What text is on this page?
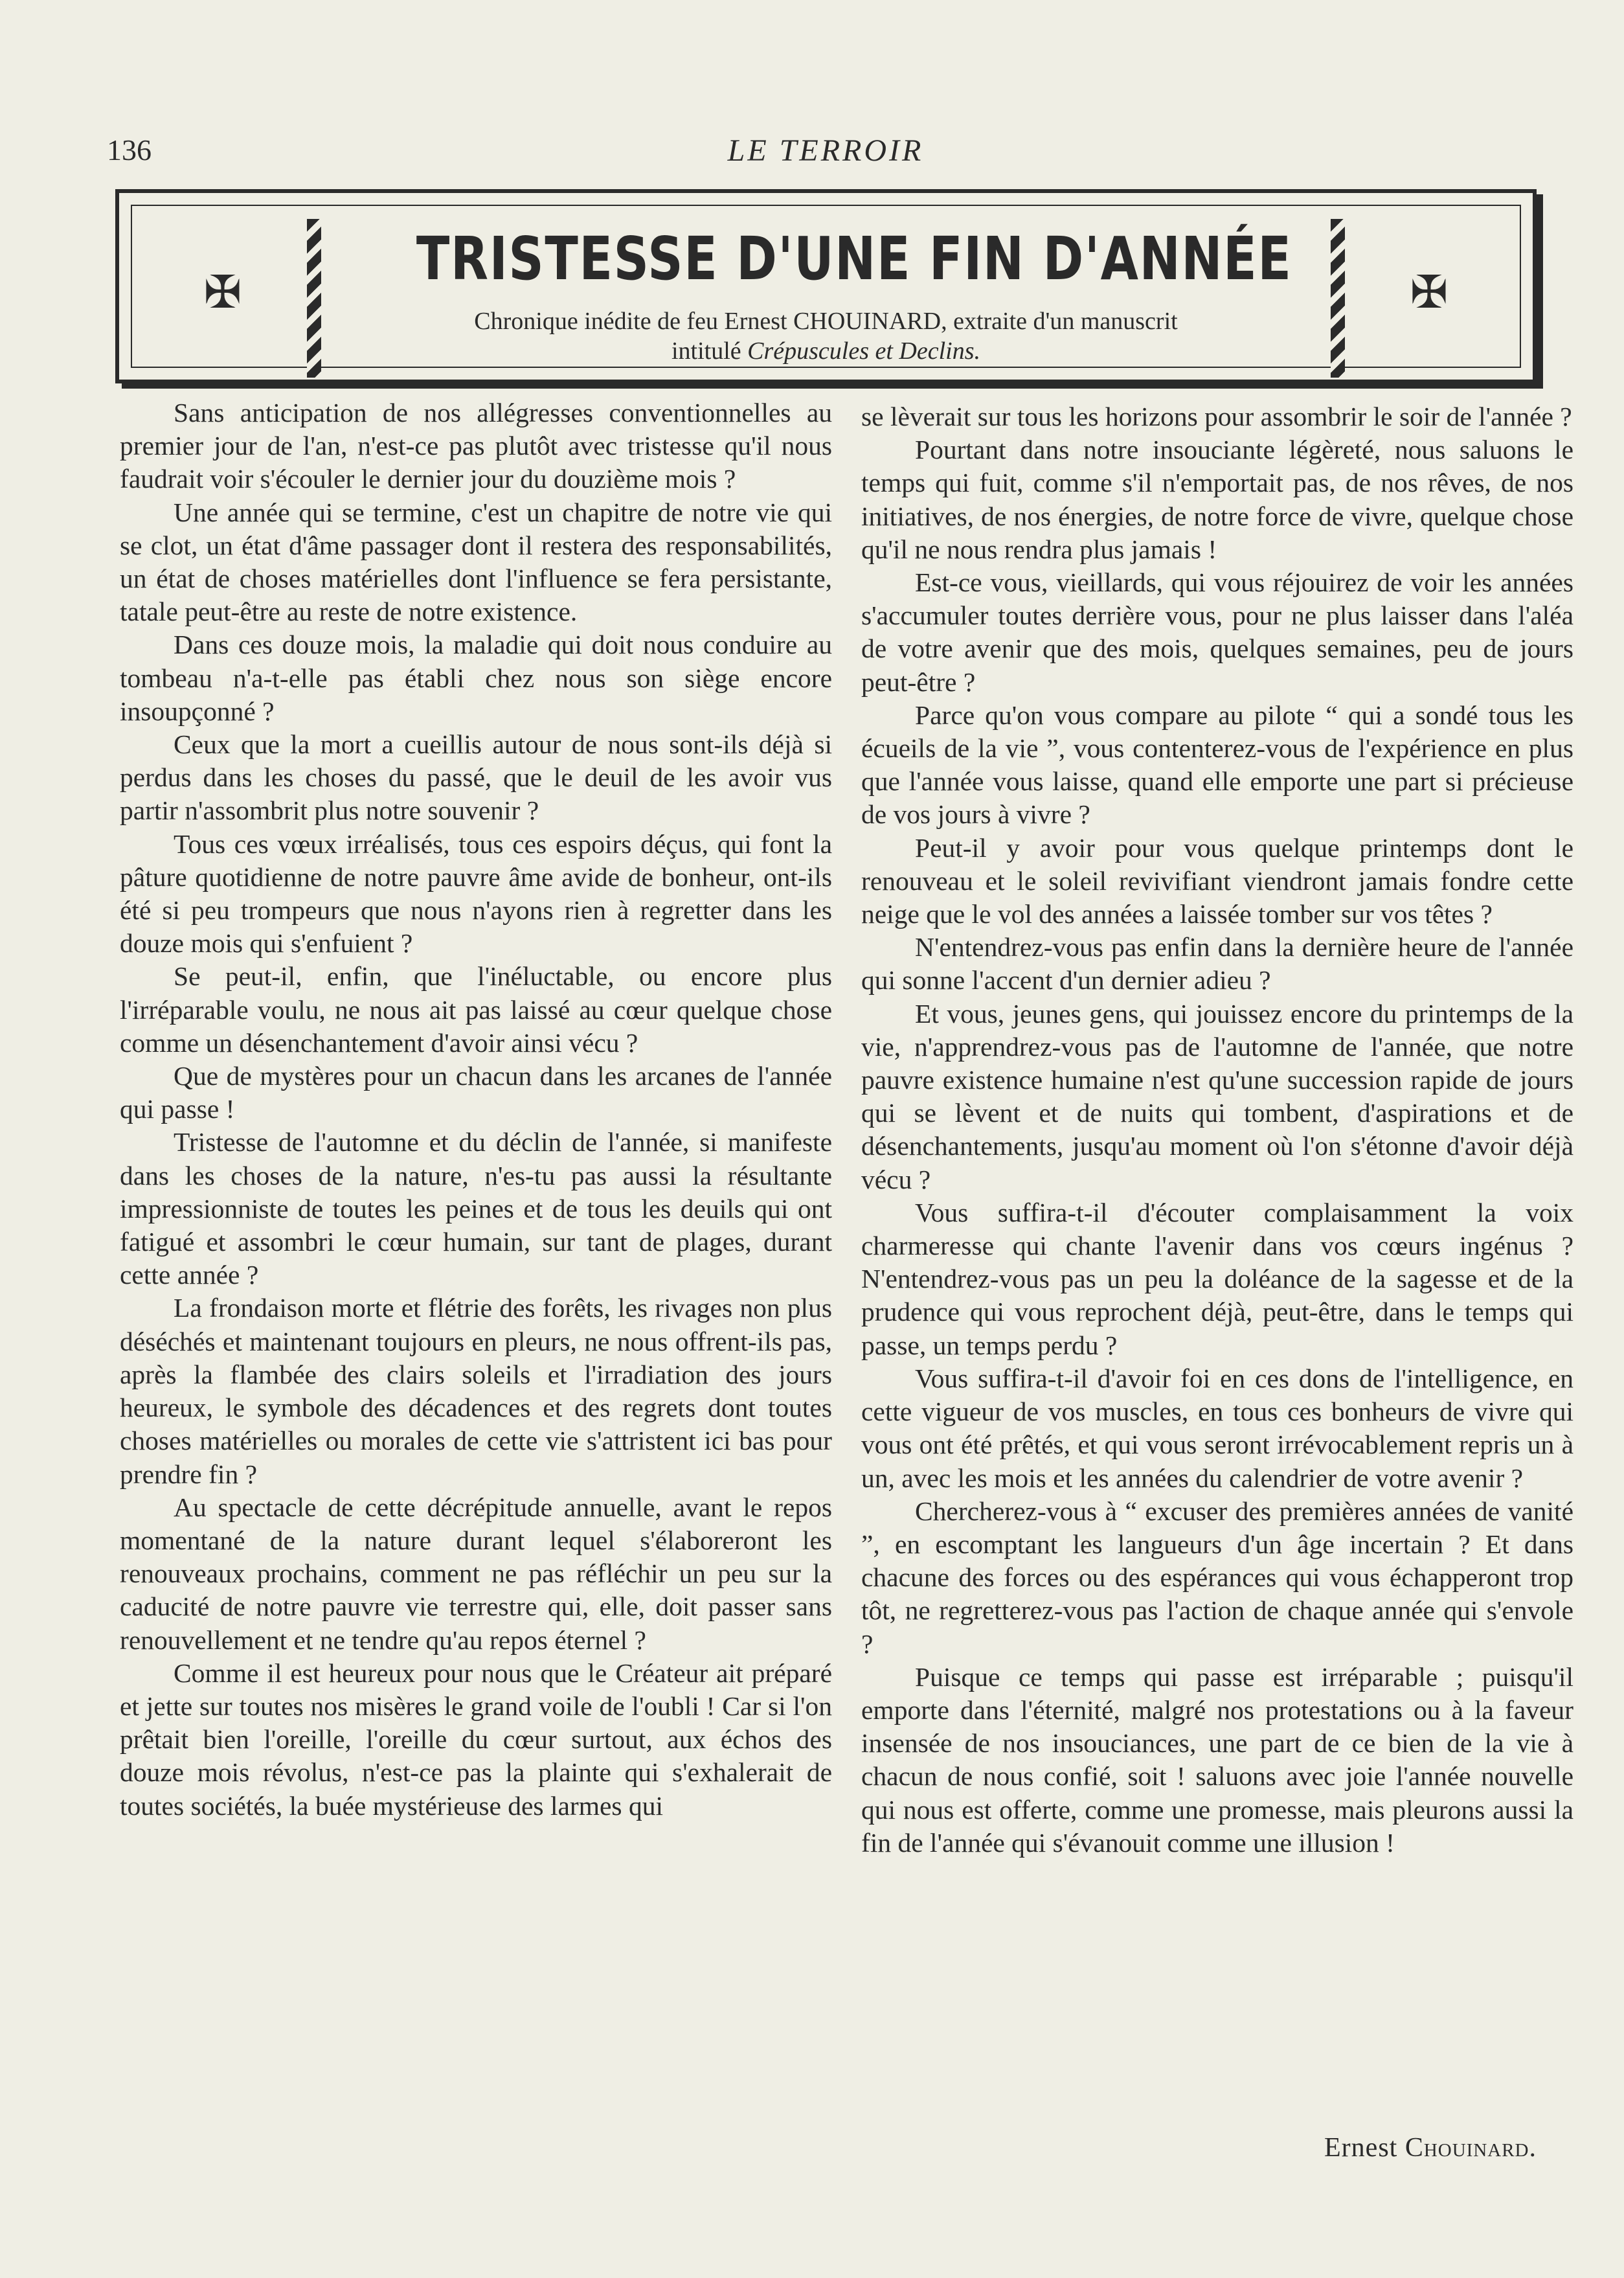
136	LE TERROIR
✠	TRISTESSE D'UNE FIN D'ANNÉE
Chronique inédite de feu Ernest CHOUINARD, extraite d'un manuscrit
intitulé Crépuscules et Declins.
✠

Sans anticipation de nos allégresses conventionnelles au premier jour de l'an, n'est-ce pas plutôt avec tristesse qu'il nous faudrait voir s'écouler le dernier jour du douzième mois ?

Une année qui se termine, c'est un chapitre de notre vie qui se clot, un état d'âme passager dont il restera des responsabilités, un état de choses matérielles dont l'influence se fera persistante, tatale peut-être au reste de notre existence.

Dans ces douze mois, la maladie qui doit nous conduire au tombeau n'a-t-elle pas établi chez nous son siège encore insoupçonné ?

Ceux que la mort a cueillis autour de nous sont-ils déjà si perdus dans les choses du passé, que le deuil de les avoir vus partir n'assombrit plus notre souvenir ?

Tous ces vœux irréalisés, tous ces espoirs déçus, qui font la pâture quotidienne de notre pauvre âme avide de bonheur, ont-ils été si peu trompeurs que nous n'ayons rien à regretter dans les douze mois qui s'enfuient ?

Se peut-il, enfin, que l'inéluctable, ou encore plus l'irréparable voulu, ne nous ait pas laissé au cœur quelque chose comme un désenchantement d'avoir ainsi vécu ?

Que de mystères pour un chacun dans les arcanes de l'année qui passe !

Tristesse de l'automne et du déclin de l'année, si manifeste dans les choses de la nature, n'es-tu pas aussi la résultante impressionniste de toutes les peines et de tous les deuils qui ont fatigué et assombri le cœur humain, sur tant de plages, durant cette année ?

La frondaison morte et flétrie des forêts, les rivages non plus déséchés et maintenant toujours en pleurs, ne nous offrent-ils pas, après la flambée des clairs soleils et l'irradiation des jours heureux, le symbole des décadences et des regrets dont toutes choses matérielles ou morales de cette vie s'attristent ici bas pour prendre fin ?

Au spectacle de cette décrépitude annuelle, avant le repos momentané de la nature durant lequel s'élaboreront les renouveaux prochains, comment ne pas réfléchir un peu sur la caducité de notre pauvre vie terrestre qui, elle, doit passer sans renouvellement et ne tendre qu'au repos éternel ?

Comme il est heureux pour nous que le Créateur ait préparé et jette sur toutes nos misères le grand voile de l'oubli ! Car si l'on prêtait bien l'oreille, l'oreille du cœur surtout, aux échos des douze mois révolus, n'est-ce pas la plainte qui s'exhalerait de toutes sociétés, la buée mystérieuse des larmes qui

se lèverait sur tous les horizons pour assombrir le soir de l'année ?

Pourtant dans notre insouciante légèreté, nous saluons le temps qui fuit, comme s'il n'emportait pas, de nos rêves, de nos initiatives, de nos énergies, de notre force de vivre, quelque chose qu'il ne nous rendra plus jamais !

Est-ce vous, vieillards, qui vous réjouirez de voir les années s'accumuler toutes derrière vous, pour ne plus laisser dans l'aléa de votre avenir que des mois, quelques semaines, peu de jours peut-être ?

Parce qu'on vous compare au pilote “ qui a sondé tous les écueils de la vie ”, vous contenterez-vous de l'expérience en plus que l'année vous laisse, quand elle emporte une part si précieuse de vos jours à vivre ?

Peut-il y avoir pour vous quelque printemps dont le renouveau et le soleil revivifiant viendront jamais fondre cette neige que le vol des années a laissée tomber sur vos têtes ?

N'entendrez-vous pas enfin dans la dernière heure de l'année qui sonne l'accent d'un dernier adieu ?

Et vous, jeunes gens, qui jouissez encore du printemps de la vie, n'apprendrez-vous pas de l'automne de l'année, que notre pauvre existence humaine n'est qu'une succession rapide de jours qui se lèvent et de nuits qui tombent, d'aspirations et de désenchantements, jusqu'au moment où l'on s'étonne d'avoir déjà vécu ?

Vous suffira-t-il d'écouter complaisamment la voix charmeresse qui chante l'avenir dans vos cœurs ingénus ? N'entendrez-vous pas un peu la doléance de la sagesse et de la prudence qui vous reprochent déjà, peut-être, dans le temps qui passe, un temps perdu ?

Vous suffira-t-il d'avoir foi en ces dons de l'intelligence, en cette vigueur de vos muscles, en tous ces bonheurs de vivre qui vous ont été prêtés, et qui vous seront irrévocablement repris un à un, avec les mois et les années du calendrier de votre avenir ?

Chercherez-vous à “ excuser des premières années de vanité ”, en escomptant les langueurs d'un âge incertain ? Et dans chacune des forces ou des espérances qui vous échapperont trop tôt, ne regretterez-vous pas l'action de chaque année qui s'envole ?

Puisque ce temps qui passe est irréparable ; puisqu'il emporte dans l'éternité, malgré nos protestations ou à la faveur insensée de nos insouciances, une part de ce bien de la vie à chacun de nous confié, soit ! saluons avec joie l'année nouvelle qui nous est offerte, comme une promesse, mais pleurons aussi la fin de l'année qui s'évanouit comme une illusion !

Ernest Chouinard.
